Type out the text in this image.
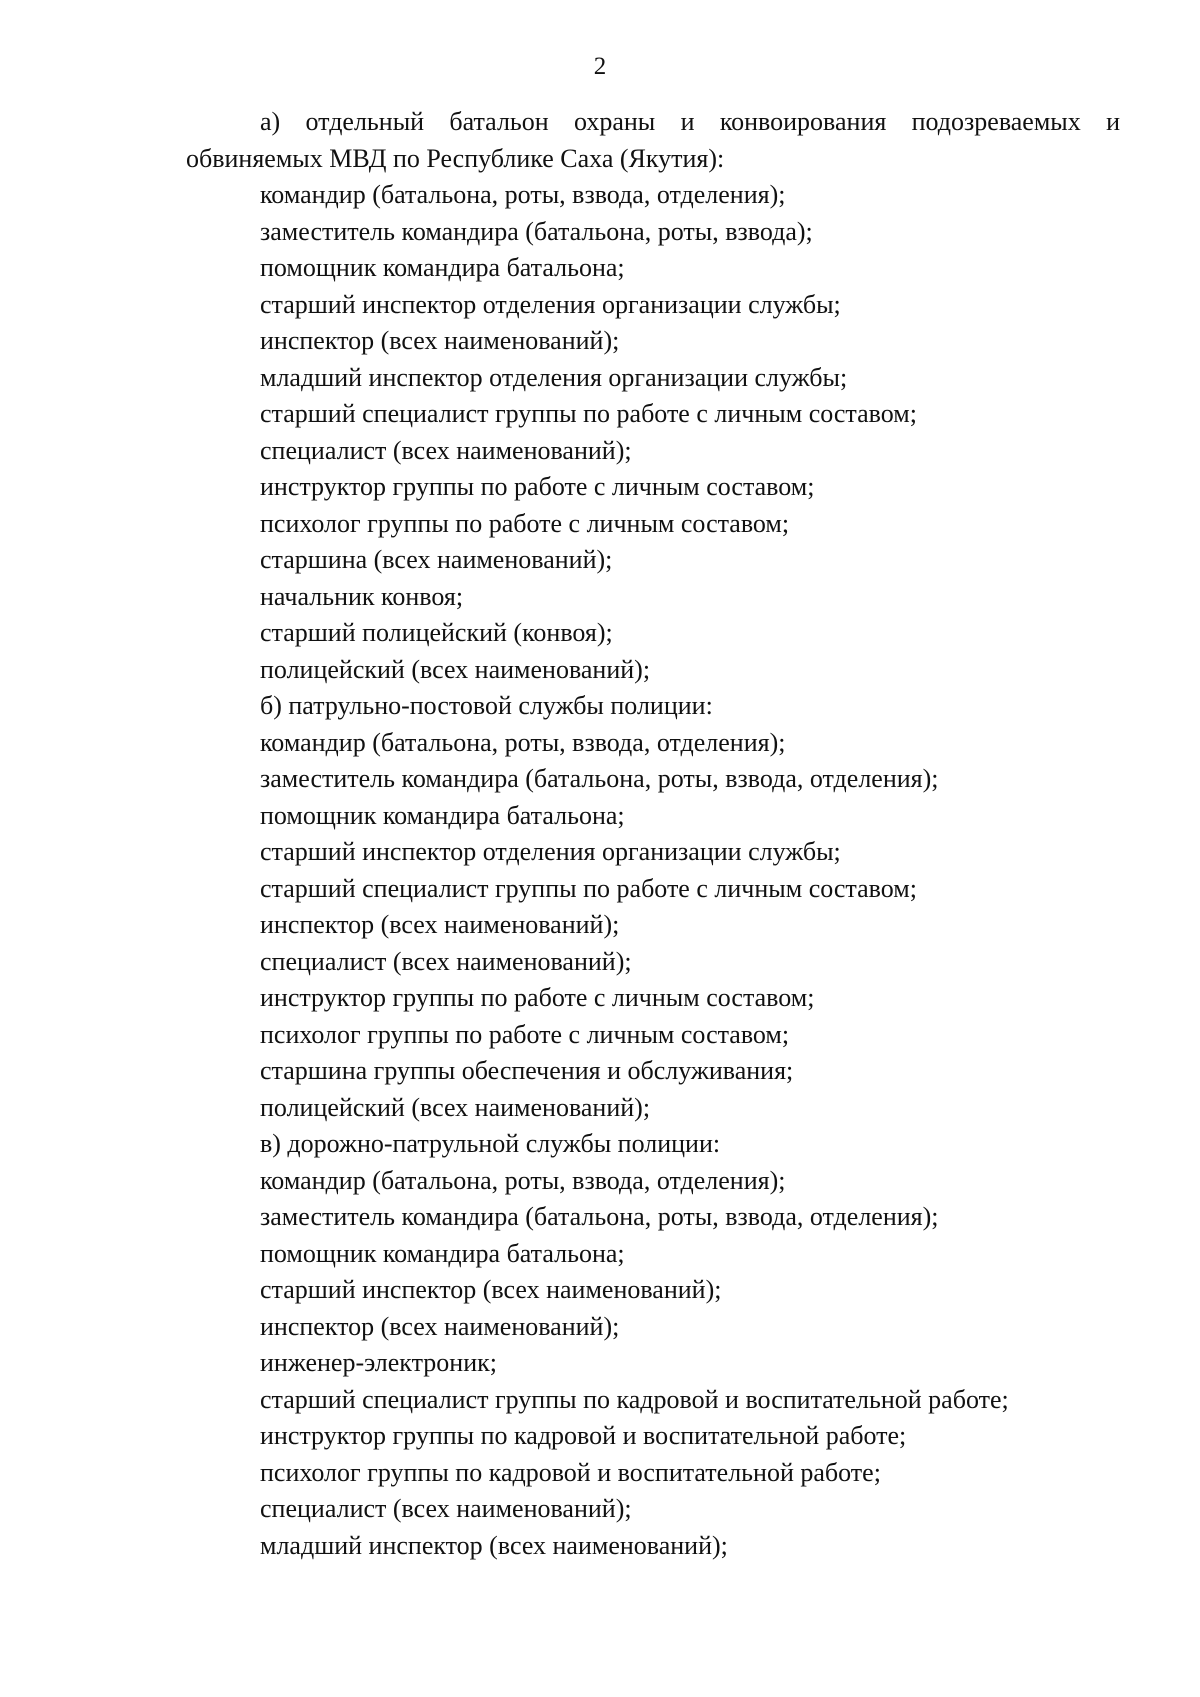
2

а) отдельный батальон охраны и конвоирования подозреваемых и обвиняемых МВД по Республике Саха (Якутия):

командир (батальона, роты, взвода, отделения);
заместитель командира (батальона, роты, взвода);
помощник командира батальона;
старший инспектор отделения организации службы;
инспектор (всех наименований);
младший инспектор отделения организации службы;
старший специалист группы по работе с личным составом;
специалист (всех наименований);
инструктор группы по работе с личным составом;
психолог группы по работе с личным составом;
старшина (всех наименований);
начальник конвоя;
старший полицейский (конвоя);
полицейский (всех наименований);
б) патрульно-постовой службы полиции:
командир (батальона, роты, взвода, отделения);
заместитель командира (батальона, роты, взвода, отделения);
помощник командира батальона;
старший инспектор отделения организации службы;
старший специалист группы по работе с личным составом;
инспектор (всех наименований);
специалист (всех наименований);
инструктор группы по работе с личным составом;
психолог группы по работе с личным составом;
старшина группы обеспечения и обслуживания;
полицейский (всех наименований);
в) дорожно-патрульной службы полиции:
командир (батальона, роты, взвода, отделения);
заместитель командира (батальона, роты, взвода, отделения);
помощник командира батальона;
старший инспектор (всех наименований);
инспектор (всех наименований);
инженер-электроник;
старший специалист группы по кадровой и воспитательной работе;
инструктор группы по кадровой и воспитательной работе;
психолог группы по кадровой и воспитательной работе;
специалист (всех наименований);
младший инспектор (всех наименований);
